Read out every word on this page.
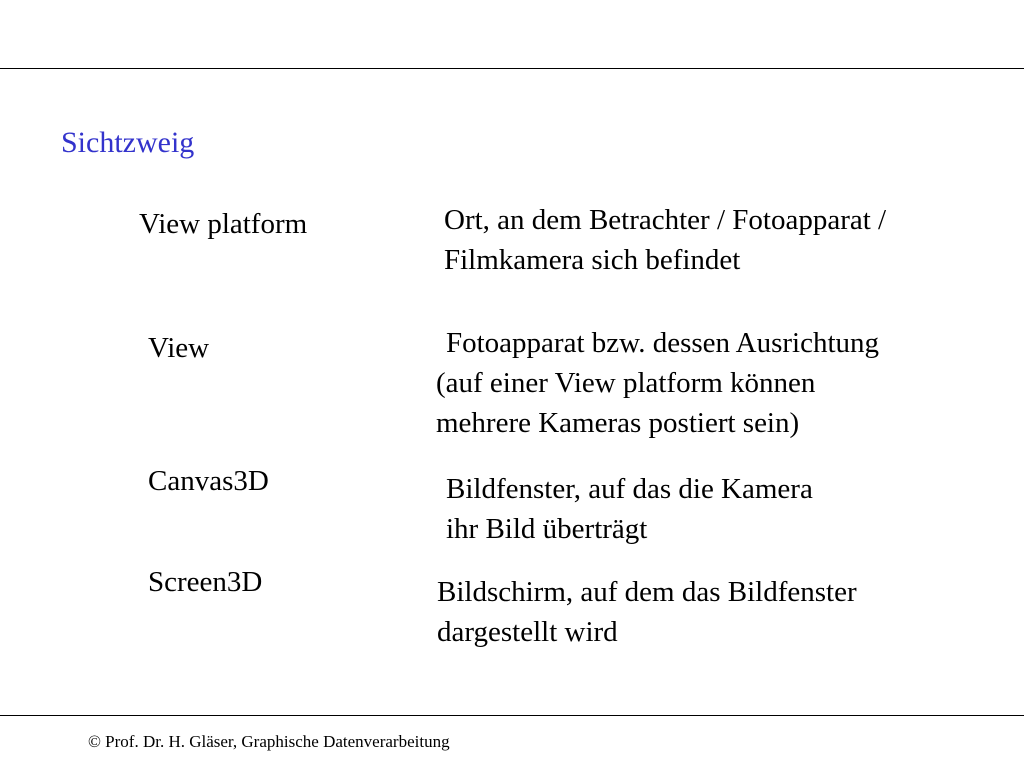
Sichtzweig
View platform	Ort, an dem Betrachter / Fotoapparat /
Filmkamera sich befindet
View	Fotoapparat bzw. dessen Ausrichtung
(auf einer View platform können
mehrere Kameras postiert sein)
Canvas3D	Bildfenster, auf das die Kamera
ihr Bild überträgt
Screen3D	Bildschirm, auf dem das Bildfenster
dargestellt wird
© Prof. Dr. H. Gläser, Graphische Datenverarbeitung
